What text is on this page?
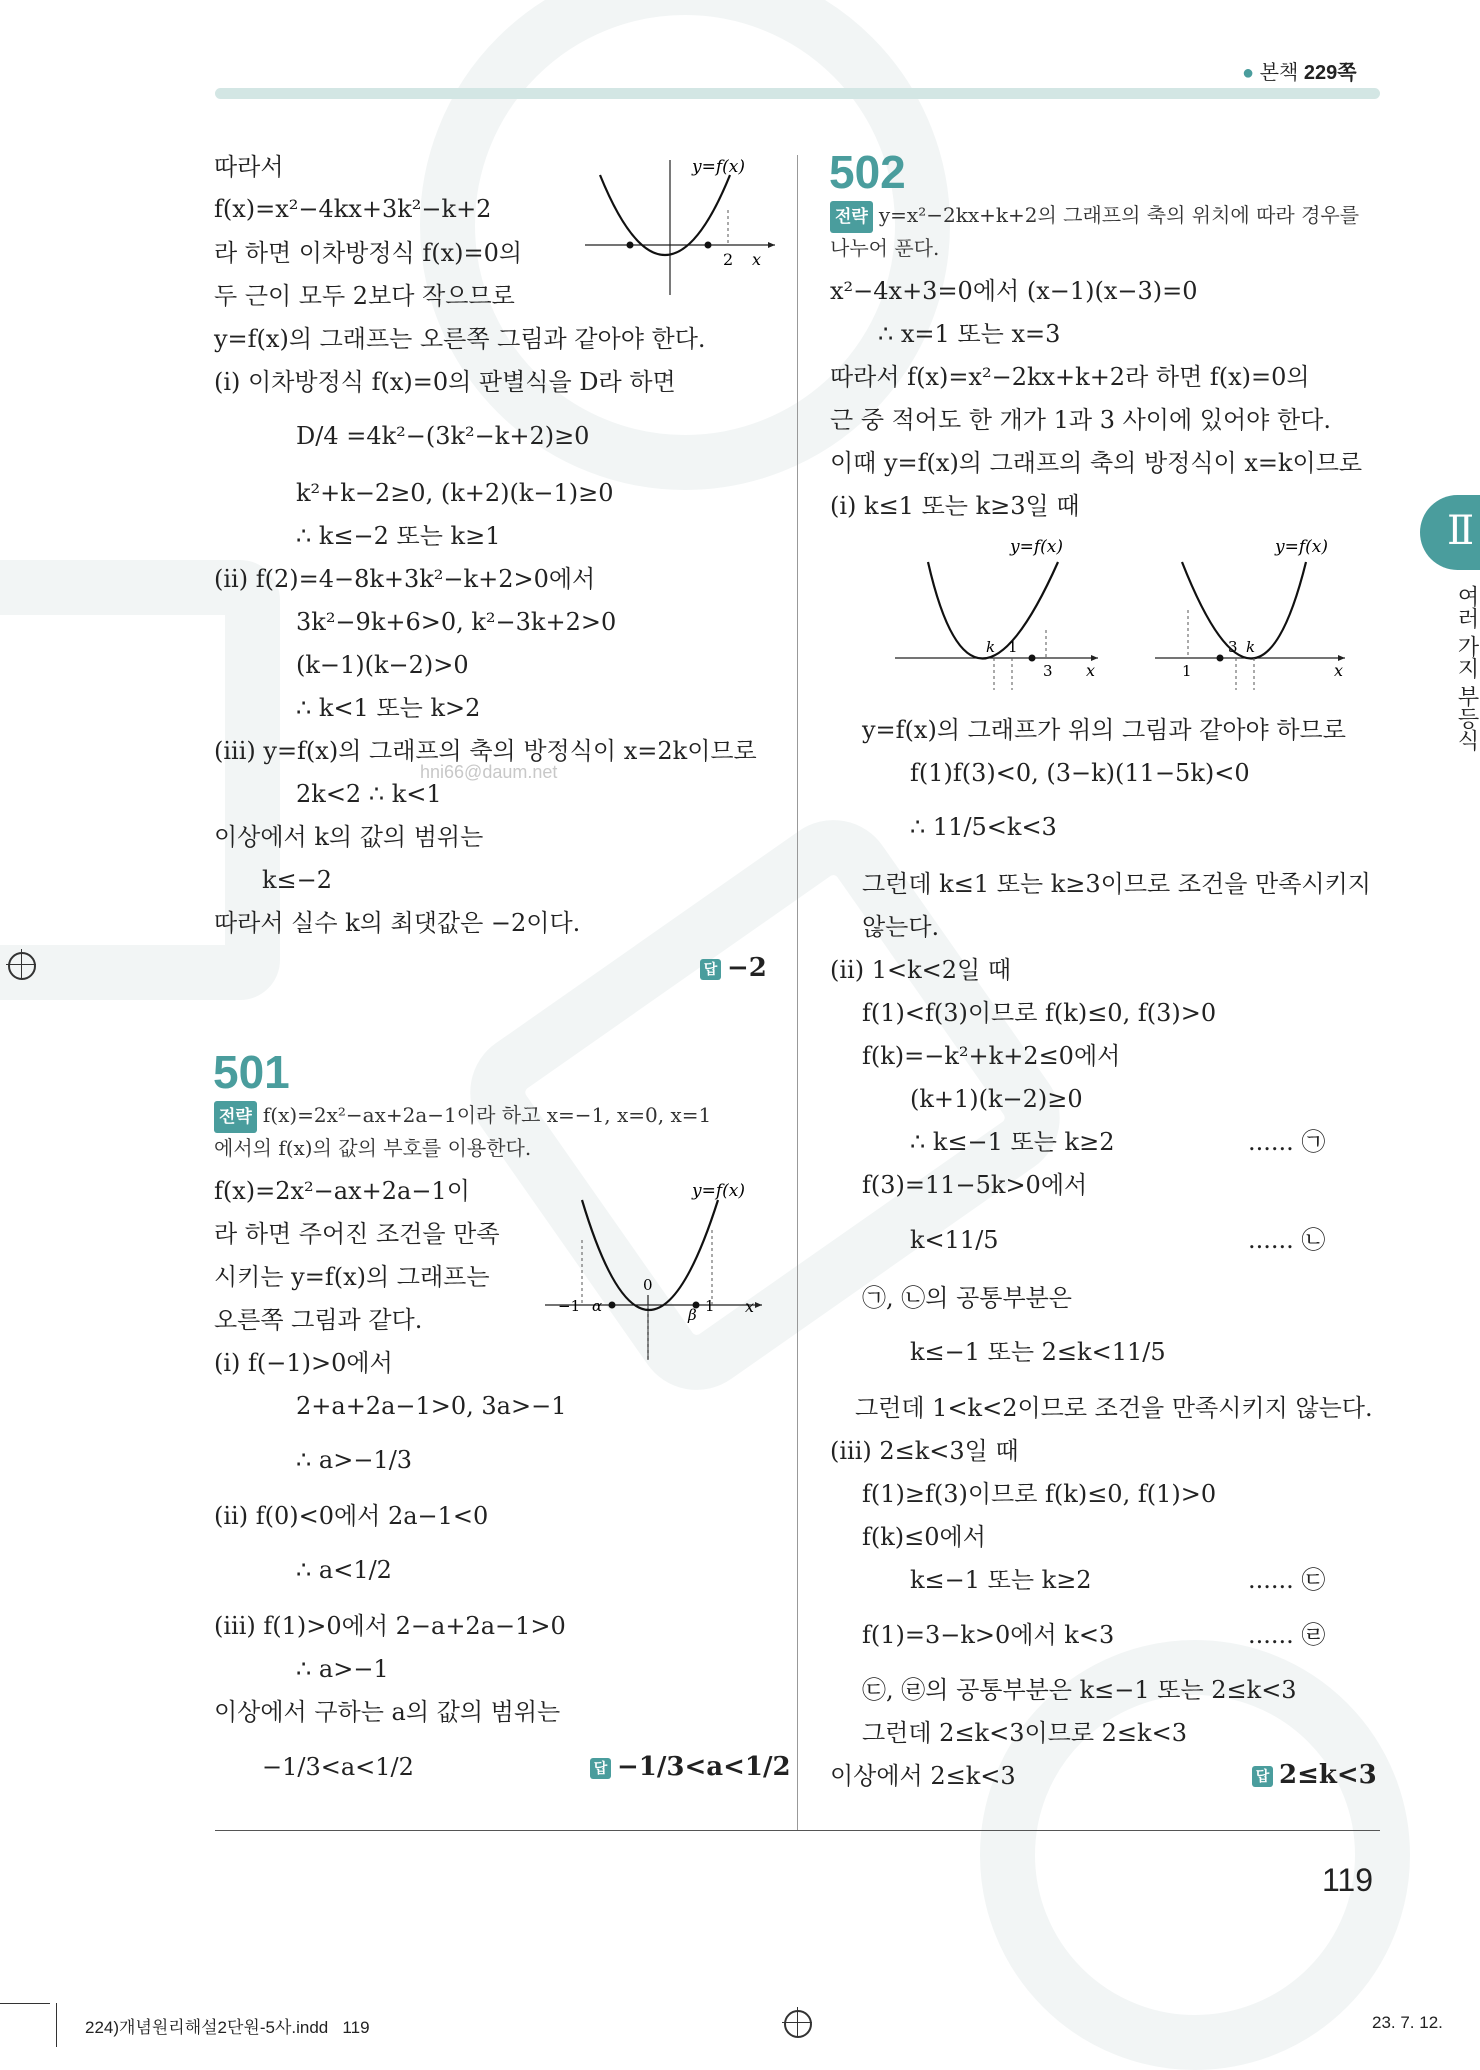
● 본책 229쪽
Ⅱ
여러 가지 부등식
따라서
f(x)=x²−4kx+3k²−k+2
라 하면 이차방정식 f(x)=0의
두 근이 모두 2보다 작으므로
y=f(x)의 그래프는 오른쪽 그림과 같아야 한다.
(i) 이차방정식 f(x)=0의 판별식을 D라 하면
D/4 =4k²−(3k²−k+2)≥0
k²+k−2≥0, (k+2)(k−1)≥0
∴ k≤−2 또는 k≥1
(ii) f(2)=4−8k+3k²−k+2>0에서
3k²−9k+6>0, k²−3k+2>0
(k−1)(k−2)>0
∴ k<1 또는 k>2
(iii) y=f(x)의 그래프의 축의 방정식이 x=2k이므로
2k<2 ∴ k<1
이상에서 k의 값의 범위는
k≤−2
따라서 실수 k의 최댓값은 −2이다.
hni66@daum.net
답 −2
y=f(x)
2 x
501
전략 f(x)=2x²−ax+2a−1이라 하고 x=−1, x=0, x=1
에서의 f(x)의 값의 부호를 이용한다.
f(x)=2x²−ax+2a−1이
라 하면 주어진 조건을 만족
시키는 y=f(x)의 그래프는
오른쪽 그림과 같다.
(i) f(−1)>0에서
2+a+2a−1>0, 3a>−1
∴ a>−1/3
(ii) f(0)<0에서 2a−1<0
∴ a<1/2
(iii) f(1)>0에서 2−a+2a−1>0
∴ a>−1
이상에서 구하는 a의 값의 범위는
−1/3<a<1/2	답 −1/3<a<1/2
y=f(x)
−1 α
0
β 1 x
502
전략 y=x²−2kx+k+2의 그래프의 축의 위치에 따라 경우를
나누어 푼다.
x²−4x+3=0에서 (x−1)(x−3)=0
∴ x=1 또는 x=3
따라서 f(x)=x²−2kx+k+2라 하면 f(x)=0의
근 중 적어도 한 개가 1과 3 사이에 있어야 한다.
이때 y=f(x)의 그래프의 축의 방정식이 x=k이므로
(i) k≤1 또는 k≥3일 때
y=f(x)의 그래프가 위의 그림과 같아야 하므로
f(1)f(3)<0, (3−k)(11−5k)<0
∴ 11/5<k<3
그런데 k≤1 또는 k≥3이므로 조건을 만족시키지
않는다.
(ii) 1<k<2일 때
f(1)<f(3)이므로 f(k)≤0, f(3)>0
f(k)=−k²+k+2≤0에서
(k+1)(k−2)≥0
∴ k≤−1 또는 k≥2	...... ㉠
f(3)=11−5k>0에서
k<11/5	...... ㉡
㉠, ㉡의 공통부분은
k≤−1 또는 2≤k<11/5
그런데 1<k<2이므로 조건을 만족시키지 않는다.
(iii) 2≤k<3일 때
f(1)≥f(3)이므로 f(k)≤0, f(1)>0
f(k)≤0에서
k≤−1 또는 k≥2	...... ㉢
f(1)=3−k>0에서 k<3	...... ㉣
㉢, ㉣의 공통부분은 k≤−1 또는 2≤k<3
그런데 2≤k<3이므로 2≤k<3
이상에서 2≤k<3	답 2≤k<3
y=f(x)
k 1
3 x
y=f(x)
1
3 k
x
119
224)개념원리해설2단원-5사.indd   119	23. 7. 12.
